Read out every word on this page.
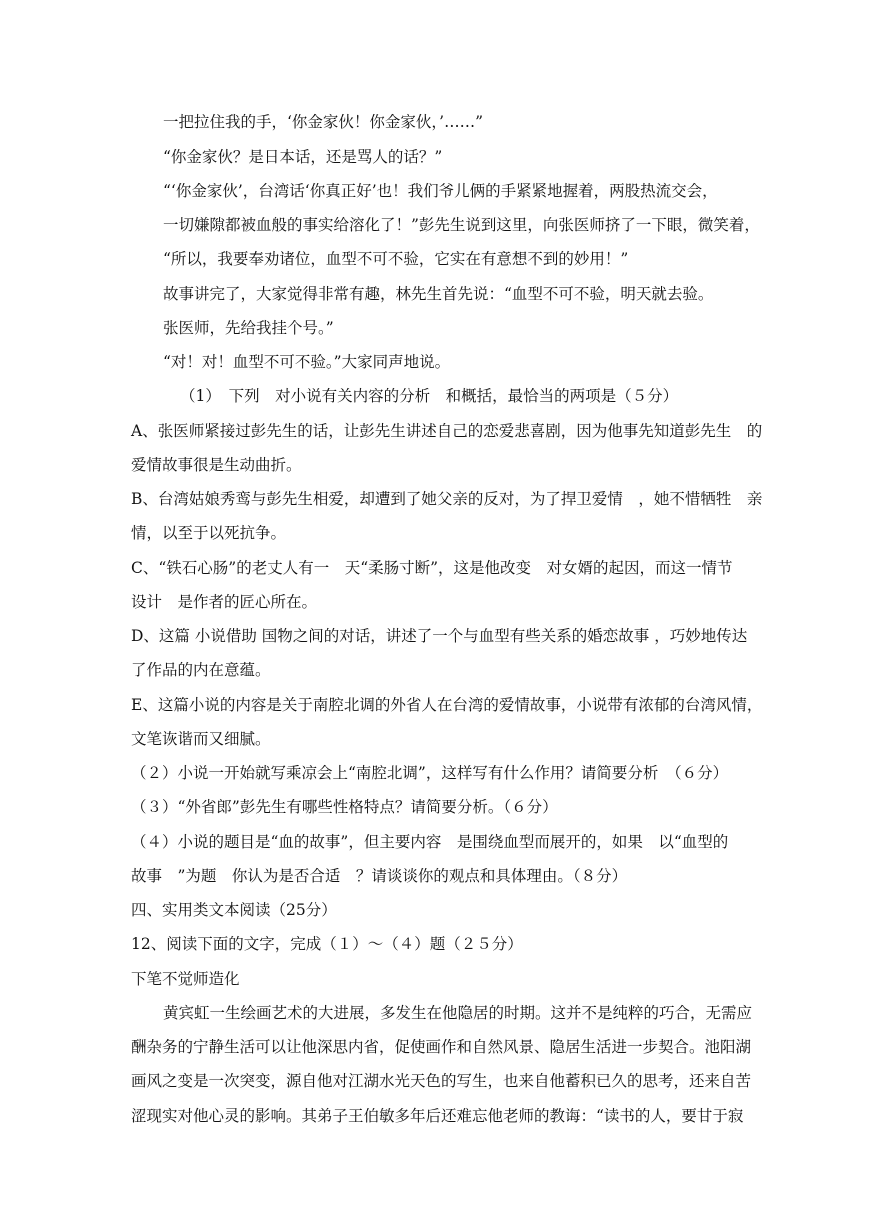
一把拉住我的手，‘你金家伙！你金家伙，’……”
“你金家伙？是日本话，还是骂人的话？”
“‘你金家伙’，台湾话‘你真正好’也！我们爷儿俩的手紧紧地握着，两股热流交会，
一切嫌隙都被血般的事实给溶化了！”彭先生说到这里，向张医师挤了一下眼，微笑着，
“所以，我要奉劝诸位，血型不可不验，它实在有意想不到的妙用！”
故事讲完了，大家觉得非常有趣，林先生首先说：“血型不可不验，明天就去验。
张医师，先给我挂个号。”
“对！对！血型不可不验。”大家同声地说。
（1）　下列　对小说有关内容的分析　和概括，最恰当的两项是（５分）
A、张医师紧接过彭先生的话，让彭先生讲述自己的恋爱悲喜剧，因为他事先知道彭先生　的
爱情故事很是生动曲折。
B、台湾姑娘秀鸾与彭先生相爱，却遭到了她父亲的反对，为了捍卫爱情　，她不惜牺牲　亲
情，以至于以死抗争。
C、“铁石心肠”的老丈人有一　天“柔肠寸断”，这是他改变　对女婿的起因，而这一情节
设计　是作者的匠心所在。
D、这篇 小说借助 国物之间的对话，讲述了一个与血型有些关系的婚恋故事 ，巧妙地传达
了作品的内在意蕴。
E、这篇小说的内容是关于南腔北调的外省人在台湾的爱情故事，小说带有浓郁的台湾风情，
文笔诙谐而又细腻。
（２）小说一开始就写乘凉会上“南腔北调”，这样写有什么作用？请简要分析　（６分）
（３）“外省郎”彭先生有哪些性格特点？请简要分析。（６分）
（４）小说的题目是“血的故事”，但主要内容　是围绕血型而展开的，如果　以“血型的
故事　”为题　你认为是否合适　？请谈谈你的观点和具体理由。（８分）
四、实用类文本阅读（25分）
12、阅读下面的文字，完成（１）～（４）题（２５分）
下笔不觉师造化
黄宾虹一生绘画艺术的大进展，多发生在他隐居的时期。这并不是纯粹的巧合，无需应
酬杂务的宁静生活可以让他深思内省，促使画作和自然风景、隐居生活进一步契合。池阳湖
画风之变是一次突变，源自他对江湖水光天色的写生，也来自他蓄积已久的思考，还来自苦
涩现实对他心灵的影响。其弟子王伯敏多年后还难忘他老师的教诲：“读书的人，要甘于寂
